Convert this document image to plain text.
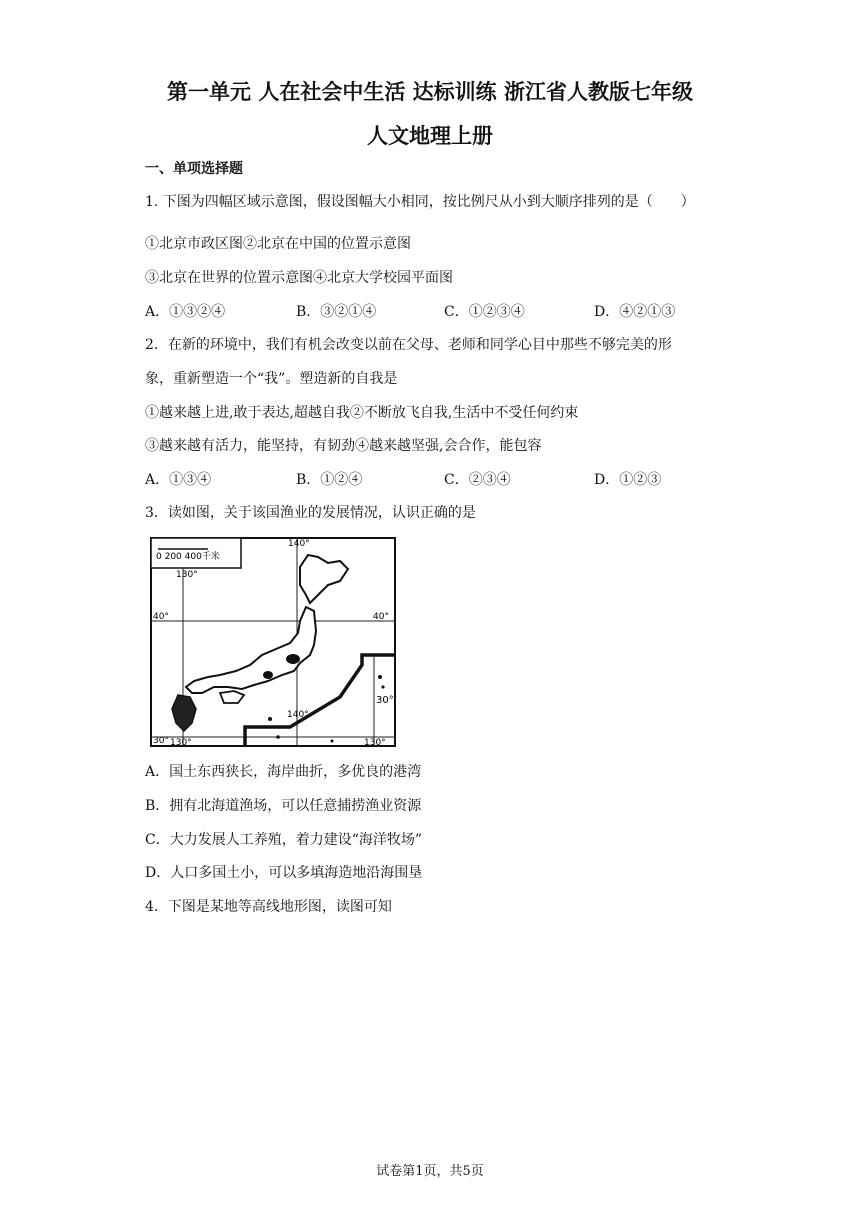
第一单元 人在社会中生活 达标训练 浙江省人教版七年级
人文地理上册
一、单项选择题
1. 下图为四幅区域示意图，假设图幅大小相同，按比例尺从小到大顺序排列的是（　　）
①北京市政区图②北京在中国的位置示意图
③北京在世界的位置示意图④北京大学校园平面图
A．①③②④	B．③②①④	C．①②③④	D．④②①③
2．在新的环境中，我们有机会改变以前在父母、老师和同学心目中那些不够完美的形
象，重新塑造一个“我”。塑造新的自我是
①越来越上进,敢于表达,超越自我②不断放飞自我,生活中不受任何约束
③越来越有活力，能坚持，有韧劲④越来越坚强,会合作，能包容
A．①③④	B．①②④	C．②③④	D．①②③
3．读如图，关于该国渔业的发展情况，认识正确的是
0 200 400千米
140°
130°
140°
130°	130°
40°	40°
30°
30°
A．国土东西狭长，海岸曲折，多优良的港湾
B．拥有北海道渔场，可以任意捕捞渔业资源
C．大力发展人工养殖，着力建设“海洋牧场”
D．人口多国土小，可以多填海造地沿海围垦
4．下图是某地等高线地形图，读图可知
试卷第1页，共5页
